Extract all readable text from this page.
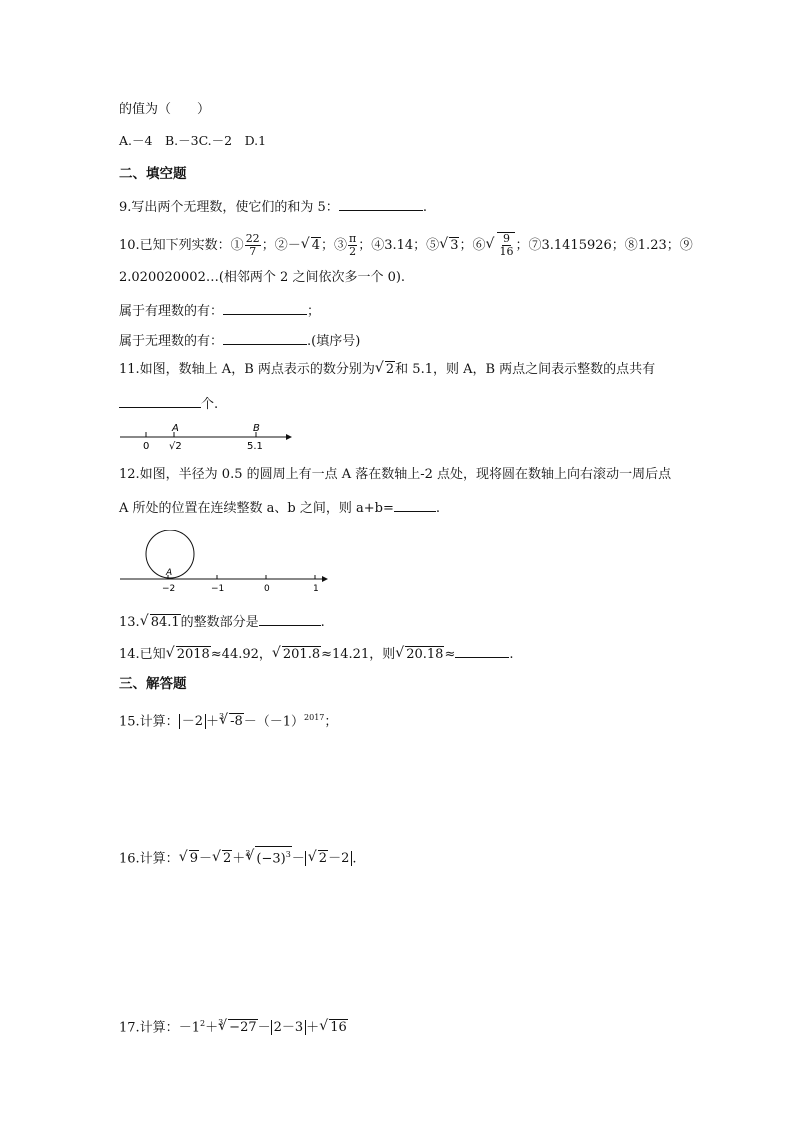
的值为（　　）
A.－4　B.－3C.－2　D.1
二、填空题
9.写出两个无理数，使它们的和为 5：	.
10.已知下列实数：① $\frac{22}{7}$ ；②－√ 4；③ $\frac{\pi}{2}$ ；④3.14；⑤√ 3；⑥
√ $\frac{9}{16}$ ；⑦3.1415926；⑧1.23；⑨
2.020020002…(相邻两个 2 之间依次多一个 0).
属于有理数的有：	；
属于无理数的有：	.(填序号)
11.如图，数轴上 A，B 两点表示的数分别为√ 2和 5.1，则 A，B 两点之间表示整数的点共有
个.
A	B
0 √2	5.1
12.如图，半径为 0.5 的圆周上有一点 A 落在数轴上-2 点处，现将圆在数轴上向右滚动一周后点
A 所处的位置在连续整数 a、b 之间，则 a+b=	.
A
−2	−1	0	1
13.√ 84.1的整数部分是	.
14.已知√ 2018≈44.92，√ 201.8≈14.21，则√ 20.18≈	.
三、解答题
15.计算： －2 ＋$^3$√ $-8-(-1)^{2017}$；
16.计算：√ 9－√ 2＋$^3$√ $(-3)^3-√$ 2－2 .
17.计算：$-1^2+^3√ -27- 2-3$ ＋√ 16
